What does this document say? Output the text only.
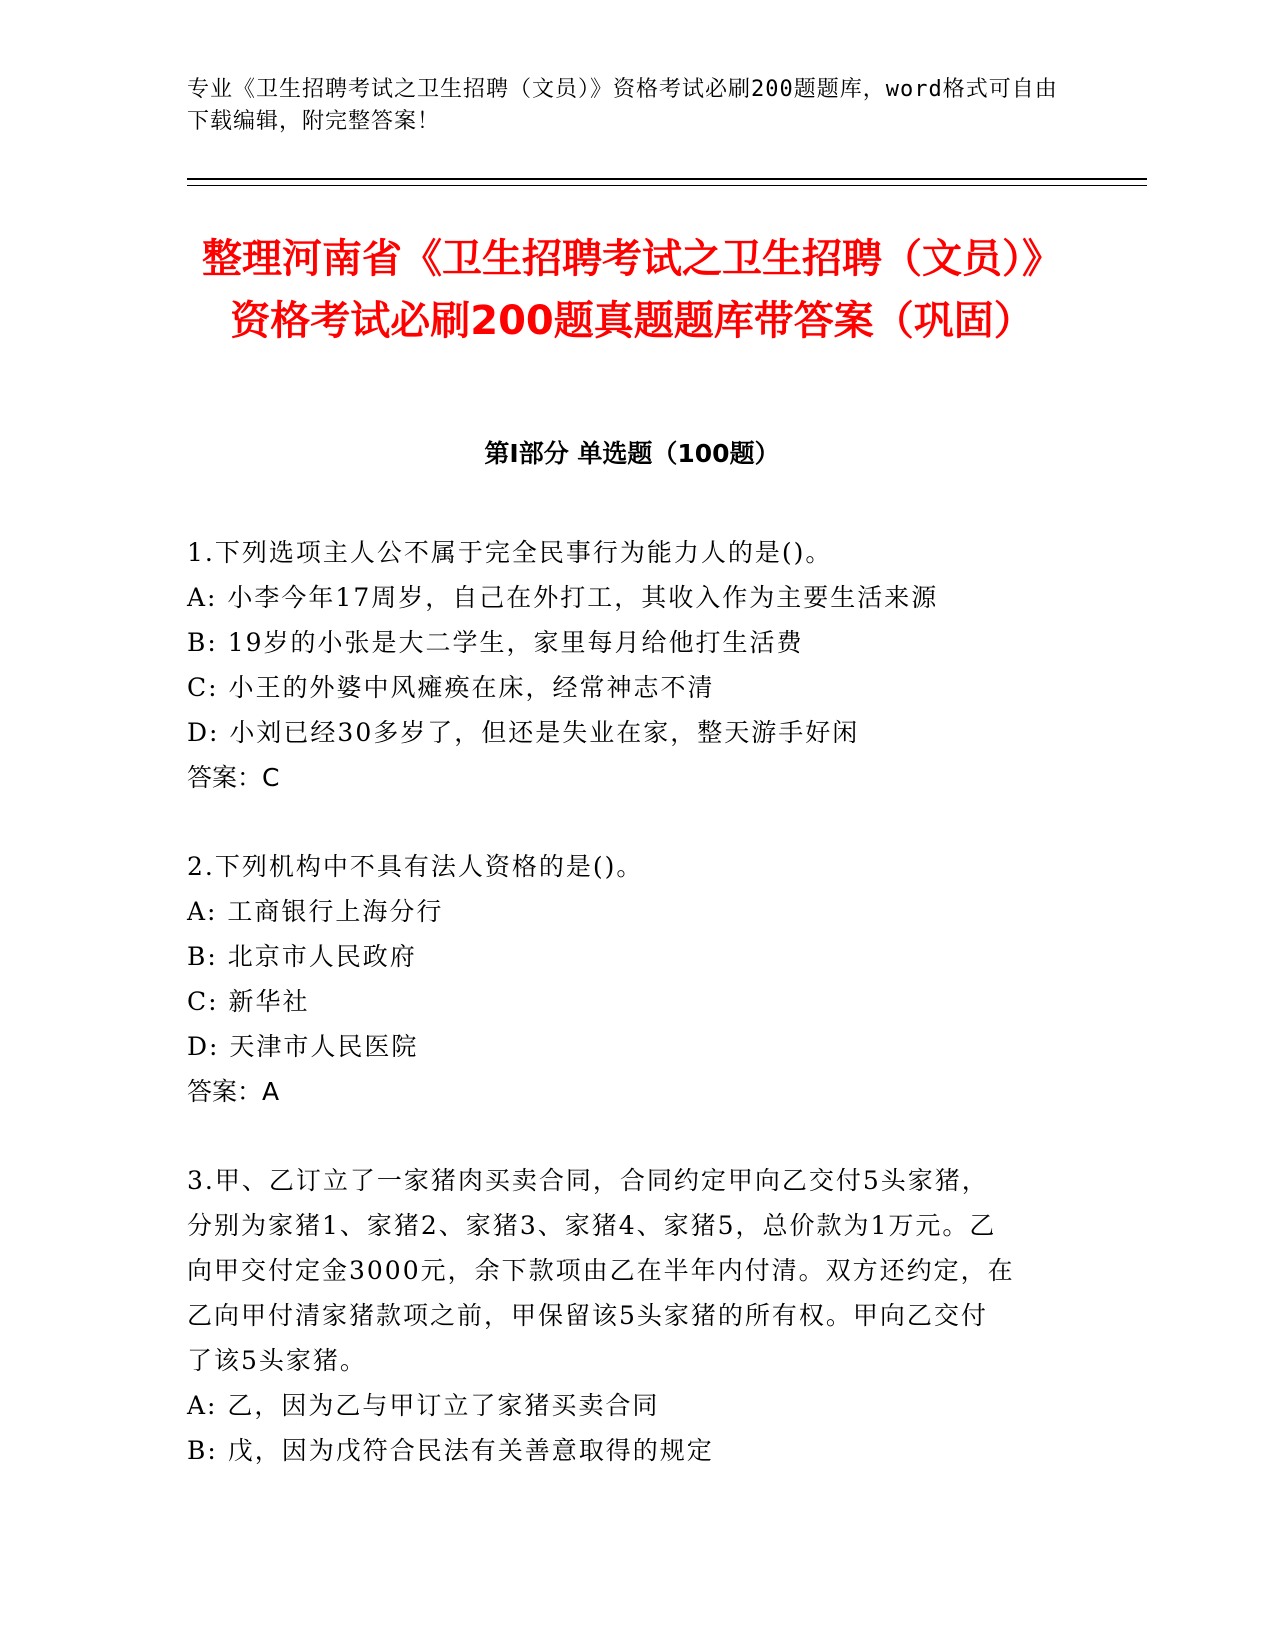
专业《卫生招聘考试之卫生招聘（文员）》资格考试必刷200题题库，word格式可自由下载编辑，附完整答案！
整理河南省《卫生招聘考试之卫生招聘（文员）》资格考试必刷200题真题题库带答案（巩固）
第Ⅰ部分 单选题（100题）
1.下列选项主人公不属于完全民事行为能力人的是()。
A: 小李今年17周岁，自己在外打工，其收入作为主要生活来源
B: 19岁的小张是大二学生，家里每月给他打生活费
C: 小王的外婆中风瘫痪在床，经常神志不清
D: 小刘已经30多岁了，但还是失业在家，整天游手好闲
答案：C
2.下列机构中不具有法人资格的是()。
A: 工商银行上海分行
B: 北京市人民政府
C: 新华社
D: 天津市人民医院
答案：A
3.甲、乙订立了一家猪肉买卖合同，合同约定甲向乙交付5头家猪，
分别为家猪1、家猪2、家猪3、家猪4、家猪5，总价款为1万元。乙
向甲交付定金3000元，余下款项由乙在半年内付清。双方还约定，在
乙向甲付清家猪款项之前，甲保留该5头家猪的所有权。甲向乙交付
了该5头家猪。
A: 乙，因为乙与甲订立了家猪买卖合同
B: 戊，因为戊符合民法有关善意取得的规定
